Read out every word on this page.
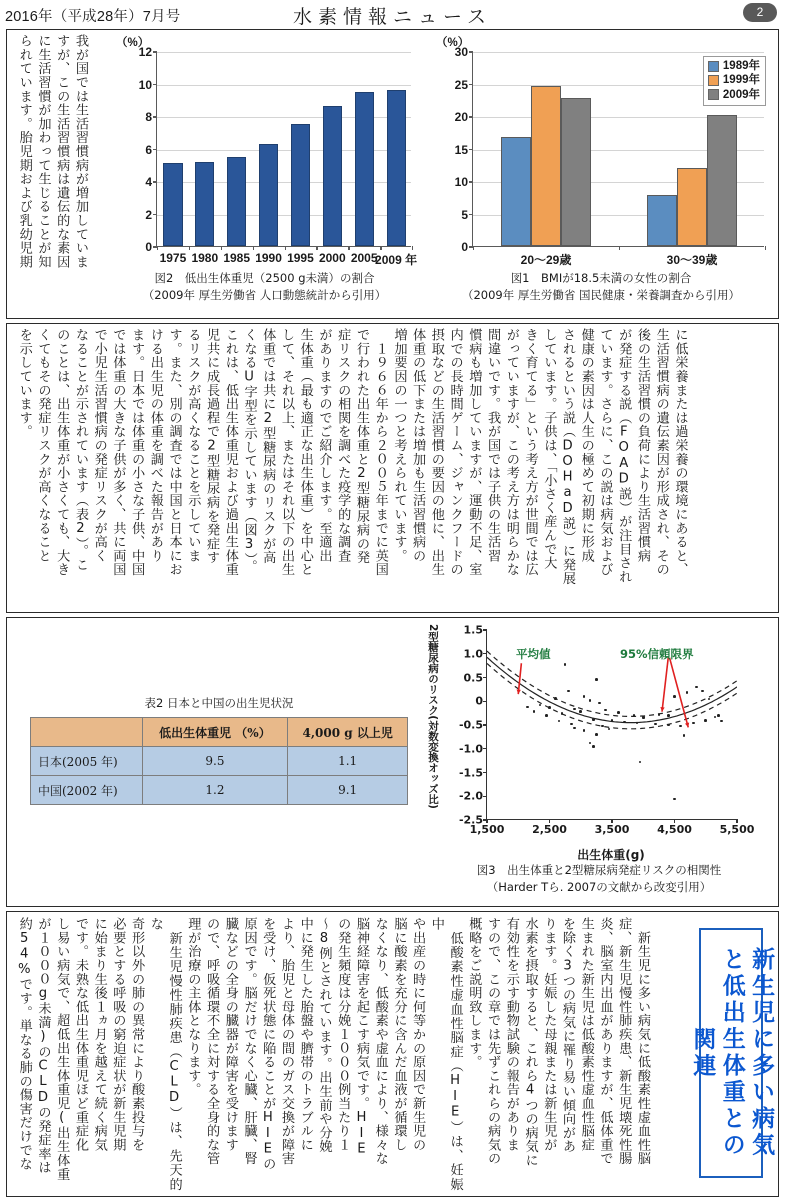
2016年（平成28年）7月号	水素情報ニュース	2
我が国では生活習慣病が増加していま
すが、この生活習慣病は遺伝的な素因
に生活習慣が加わって生じることが知
られています。胎児期および乳幼児期	（%）
0
2
4
6
8
10
12
1975 1980 1985 1990 1995 2000 2005
2009 年
図2　低出生体重児（2500 g未満）の割合
（2009年 厚生労働省 人口動態統計から引用）
（%）
0
5
10
15
20
25
30
20〜29歳	30〜39歳
1989年
1999年
2009年
図1　BMIが18.5未満の女性の割合
（2009年 厚生労働省 国民健康・栄養調査から引用）
に低栄養または過栄養の環境にあると、
生活習慣病の遺伝素因が形成され、その
後の生活習慣の負荷により生活習慣病
が発症する説（FOAD説）が注目され
ています。さらに、この説は病気および
健康の素因は人生の極めて初期に形成
されるという説（DOHaD説）に発展
しています。子供は、「小さく産んで大
きく育てる」という考え方が世間では広
がっていますが、この考え方は明らかな
間違いです。我が国では子供の生活習
慣病も増加していますが、運動不足、室
内での長時間ゲーム、ジャンクフードの
摂取などの生活習慣の要因の他に、出生
体重の低下または増加も生活習慣病の
増加要因の一つと考えられています。
　１９６６年から２００５年までに英国
で行われた出生体重と2型糖尿病の発
症リスクの相関を調べた疫学的な調査
がありますのでご紹介します。至適出
生体重（最も適正な出生体重）を中心と
して、それ以上、またはそれ以下の出生
体重では共に2型糖尿病のリスクが高
くなるU字型を示しています（図3）。
これは、低出生体重児および過出生体重
児共に成長過程で2型糖尿病を発症す
るリスクが高くなることを示していま
す。また、別の調査では中国と日本にお
ける出生児の体重を調べた報告があり
ます。日本では体重の小さな子供、中国
では体重の大きな子供が多く、共に両国
で小児生活習慣病の発症リスクが高く
なることが示されています（表2）。こ
のことは、出生体重が小さくても、大き
くてもその発症リスクが高くなること
を示しています。
表2 日本と中国の出生児状況
	低出生体重児 （%）	4,000 g 以上児
日本(2005 年)	9.5	1.1
中国(2002 年)	1.2	9.1	2型糖尿病のリスク(対数変換オッズ比)
-2.5
-2.0
-1.5
-1.0
-0.5
0
0.5
1.0
1.5
1,500	2,500	3,500	4,500	5,500
出生体重(g)
平均値	95%信頼限界
図3　出生体重と2型糖尿病発症リスクの相関性
（Harder Tら. 2007の文献から改変引用）
　新生児に多い病気に低酸素性虚血性脳
症、新生児慢性肺疾患、新生児壊死性腸
炎、脳室内出血がありますが、低体重で
生まれた新生児は低酸素性虚血性脳症
を除く3つの病気に罹り易い傾向があ
ります。妊娠した母親または新生児が
水素を摂取すると、これら4つの病気に
有効性を示す動物試験の報告がありま
すので、この章では先ずこれらの病気の
概略をご説明致します。
　低酸素性虚血性脳症（HIE）は、妊娠中
や出産の時に何等かの原因で新生児の
脳に酸素を充分に含んだ血液が循環し
なくなり、低酸素や虚血により、様々な
脳神経障害を起こす病気です。HIE
の発生頻度は分娩１０００例当たり１
〜8例とされています。出生前や分娩
中に発生した胎盤や臍帯のトラブルに
より、胎児と母体の間のガス交換が障害
を受け、仮死状態に陥ることがHIEの
原因です。脳だけでなく心臓、肝臓、腎
臓などの全身の臓器が障害を受けます
ので、呼吸循環不全に対する全身的な管
理が治療の主体となります。
　新生児慢性肺疾患（CLD）は、先天的な
奇形以外の肺の異常により酸素投与を
必要とする呼吸の窮迫症状が新生児期
に始まり生後１ヵ月を越えて続く病気
です。未熟な低出生体重児ほど重症化
し易い病気で、超低出生体重児(出生体重
が１０００g未満)のCLDの発症率は
約54%です。単なる肺の傷害だけでな	新生児に多い病気と低出生体重との関連
